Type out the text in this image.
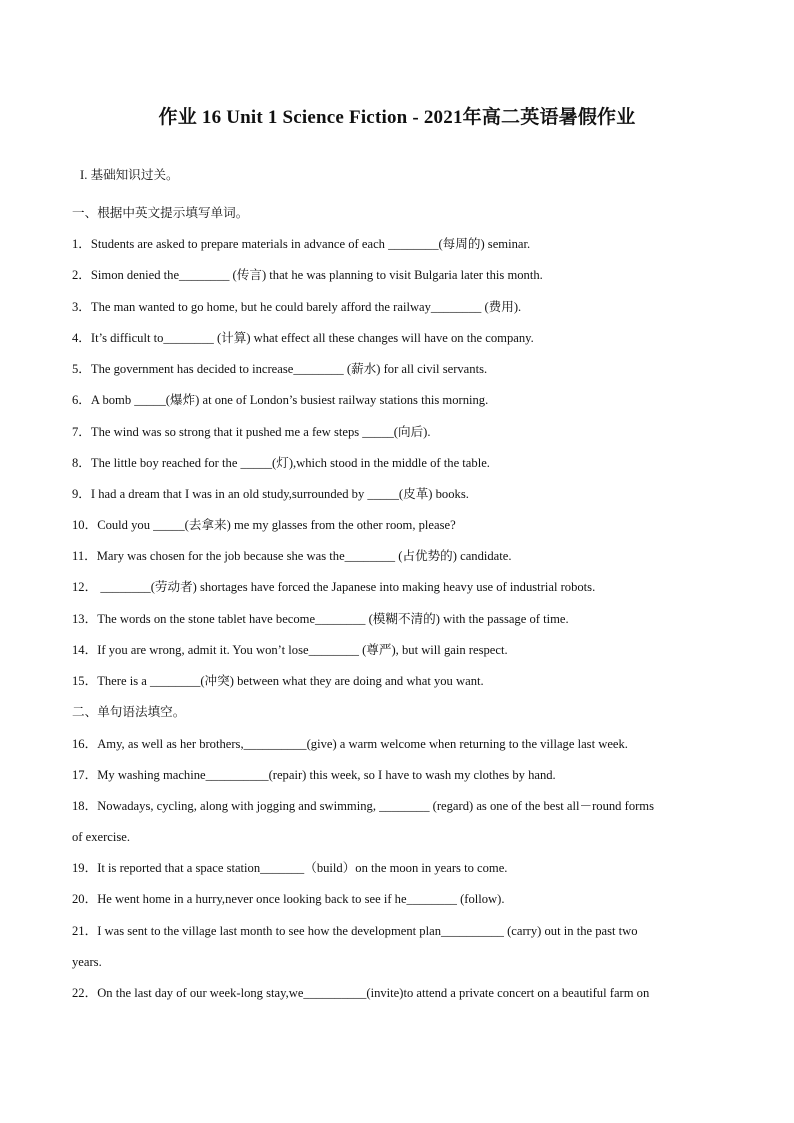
作业 16 Unit 1 Science Fiction - 2021年高二英语暑假作业
I. 基础知识过关。
一、根据中英文提示填写单词。
1．Students are asked to prepare materials in advance of each ________(每周的) seminar.
2．Simon denied the________ (传言) that he was planning to visit Bulgaria later this month.
3．The man wanted to go home, but he could barely afford the railway________ (费用).
4．It’s difficult to________ (计算) what effect all these changes will have on the company.
5．The government has decided to increase________ (薪水) for all civil servants.
6．A bomb _____(爆炸) at one of London’s busiest railway stations this morning.
7．The wind was so strong that it pushed me a few steps _____(向后).
8．The little boy reached for the _____(灯),which stood in the middle of the table.
9．I had a dream that I was in an old study,surrounded by _____(皮革) books.
10．Could you _____(去拿来) me my glasses from the other room, please?
11．Mary was chosen for the job because she was the________ (占优势的) candidate.
12． ________(劳动者) shortages have forced the Japanese into making heavy use of industrial robots.
13．The words on the stone tablet have become________ (模糊不清的) with the passage of time.
14．If you are wrong, admit it. You won’t lose________ (尊严), but will gain respect.
15．There is a ________(冲突) between what they are doing and what you want.
二、单句语法填空。
16．Amy, as well as her brothers,__________(give) a warm welcome when returning to the village last week.
17．My washing machine__________(repair) this week, so I have to wash my clothes by hand.
18．Nowadays, cycling, along with jogging and swimming, ________ (regard) as one of the best all－round forms
of exercise.
19．It is reported that a space station_______（build）on the moon in years to come.
20．He went home in a hurry,never once looking back to see if he________ (follow).
21．I was sent to the village last month to see how the development plan__________ (carry) out in the past two
years.
22．On the last day of our week-long stay,we__________(invite)to attend a private concert on a beautiful farm on
